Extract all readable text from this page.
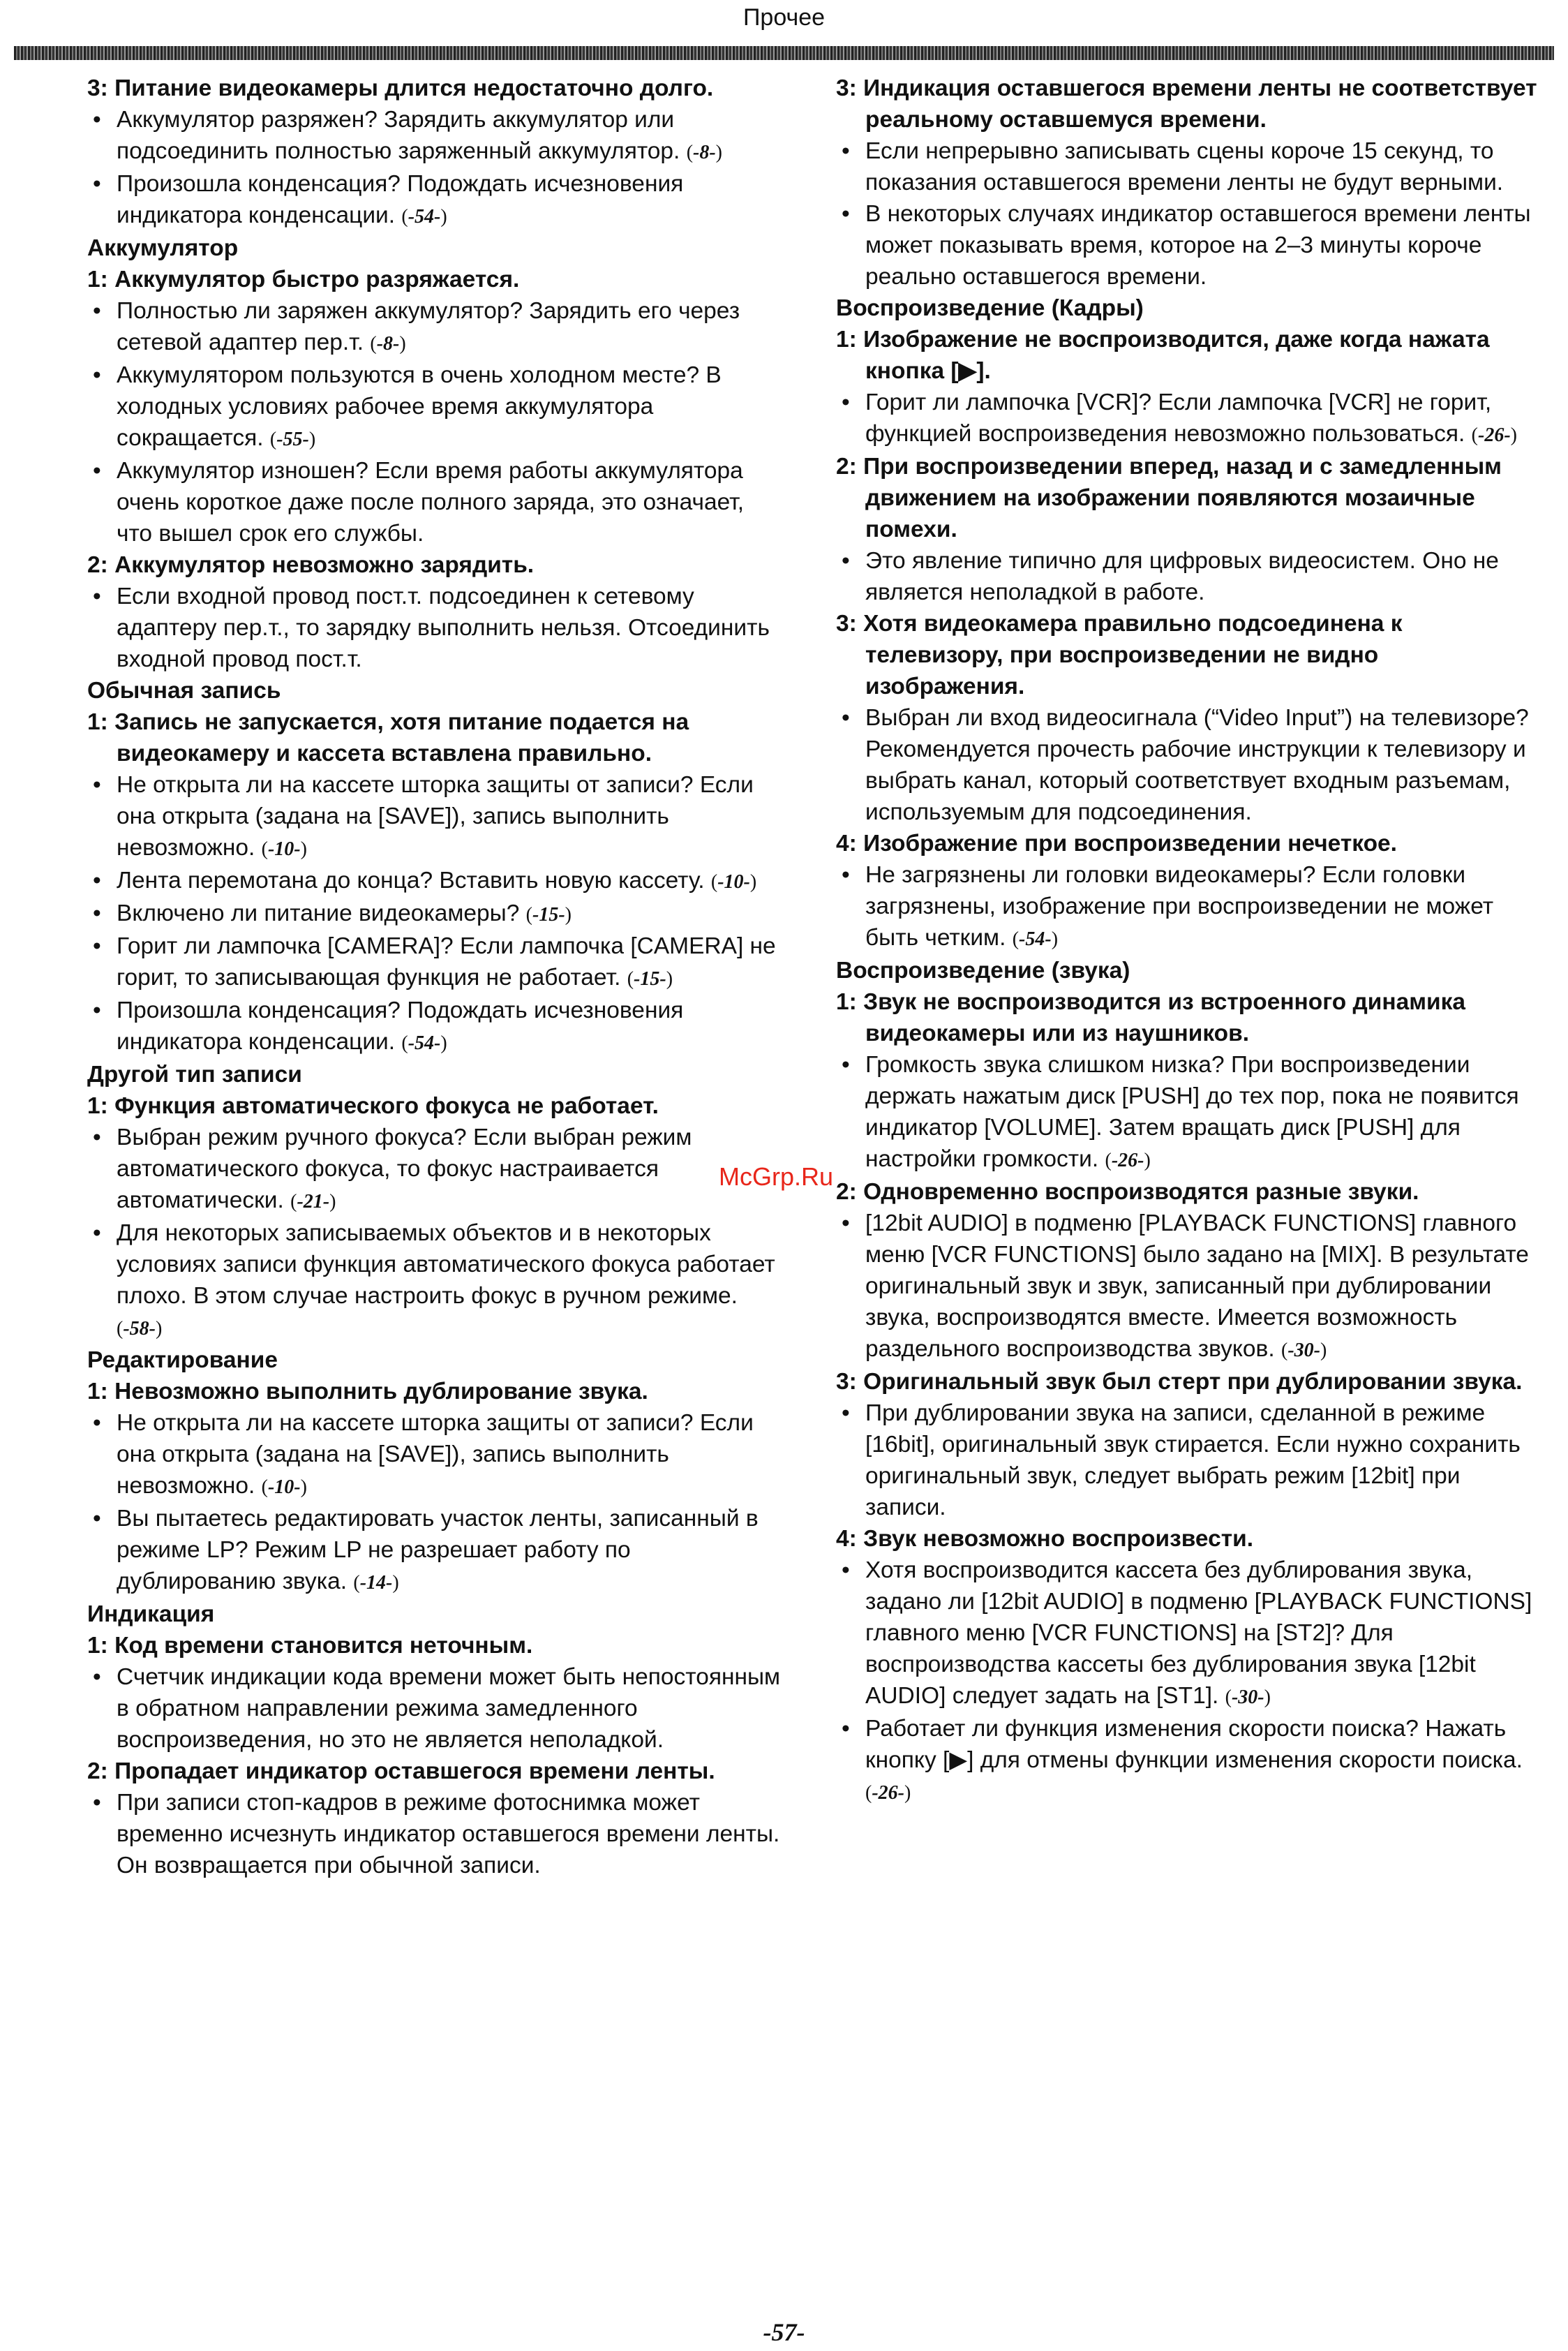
Прочее
3: Питание видеокамеры длится недостаточно долго.
• Аккумулятор разряжен? Зарядить аккумулятор или подсоединить полностью заряженный аккумулятор. (-8-)
• Произошла конденсация? Подождать исчезновения индикатора конденсации. (-54-)
Аккумулятор
1: Аккумулятор быстро разряжается.
• Полностью ли заряжен аккумулятор? Зарядить его через сетевой адаптер пер.т. (-8-)
• Аккумулятором пользуются в очень холодном месте? В холодных условиях рабочее время аккумулятора сокращается. (-55-)
• Аккумулятор изношен? Если время работы аккумулятора очень короткое даже после полного заряда, это означает, что вышел срок его службы.
2: Аккумулятор невозможно зарядить.
• Если входной провод пост.т. подсоединен к сетевому адаптеру пер.т., то зарядку выполнить нельзя. Отсоединить входной провод пост.т.
Обычная запись
1: Запись не запускается, хотя питание подается на видеокамеру и кассета вставлена правильно.
• Не открыта ли на кассете шторка защиты от записи? Если она открыта (задана на [SAVE]), запись выполнить невозможно. (-10-)
• Лента перемотана до конца? Вставить новую кассету. (-10-)
• Включено ли питание видеокамеры? (-15-)
• Горит ли лампочка [CAMERA]? Если лампочка [CAMERA] не горит, то записывающая функция не работает. (-15-)
• Произошла конденсация? Подождать исчезновения индикатора конденсации. (-54-)
Другой тип записи
1: Функция автоматического фокуса не работает.
• Выбран режим ручного фокуса? Если выбран режим автоматического фокуса, то фокус настраивается автоматически. (-21-)
• Для некоторых записываемых объектов и в некоторых условиях записи функция автоматического фокуса работает плохо. В этом случае настроить фокус в ручном режиме. (-58-)
Редактирование
1: Невозможно выполнить дублирование звука.
• Не открыта ли на кассете шторка защиты от записи? Если она открыта (задана на [SAVE]), запись выполнить невозможно. (-10-)
• Вы пытаетесь редактировать участок ленты, записанный в режиме LP? Режим LP не разрешает работу по дублированию звука. (-14-)
Индикация
1: Код времени становится неточным.
• Счетчик индикации кода времени может быть непостоянным в обратном направлении режима замедленного воспроизведения, но это не является неполадкой.
2: Пропадает индикатор оставшегося времени ленты.
• При записи стоп-кадров в режиме фотоснимка может временно исчезнуть индикатор оставшегося времени ленты. Он возвращается при обычной записи.
3: Индикация оставшегося времени ленты не соответствует реальному оставшемуся времени.
• Если непрерывно записывать сцены короче 15 секунд, то показания оставшегося времени ленты не будут верными.
• В некоторых случаях индикатор оставшегося времени ленты может показывать время, которое на 2–3 минуты короче реально оставшегося времени.
Воспроизведение (Кадры)
1: Изображение не воспроизводится, даже когда нажата кнопка [▶].
• Горит ли лампочка [VCR]? Если лампочка [VCR] не горит, функцией воспроизведения невозможно пользоваться. (-26-)
2: При воспроизведении вперед, назад и с замедленным движением на изображении появляются мозаичные помехи.
• Это явление типично для цифровых видеосистем. Оно не является неполадкой в работе.
3: Хотя видеокамера правильно подсоединена к телевизору, при воспроизведении не видно изображения.
• Выбран ли вход видеосигнала (“Video Input”) на телевизоре? Рекомендуется прочесть рабочие инструкции к телевизору и выбрать канал, который соответствует входным разъемам, используемым для подсоединения.
4: Изображение при воспроизведении нечеткое.
• Не загрязнены ли головки видеокамеры? Если головки загрязнены, изображение при воспроизведении не может быть четким. (-54-)
Воспроизведение (звука)
1: Звук не воспроизводится из встроенного динамика видеокамеры или из наушников.
• Громкость звука слишком низка? При воспроизведении держать нажатым диск [PUSH] до тех пор, пока не появится индикатор [VOLUME]. Затем вращать диск [PUSH] для настройки громкости. (-26-)
2: Одновременно воспроизводятся разные звуки.
• [12bit AUDIO] в подменю [PLAYBACK FUNCTIONS] главного меню [VCR FUNCTIONS] было задано на [MIX]. В результате оригинальный звук и звук, записанный при дублировании звука, воспроизводятся вместе. Имеется возможность раздельного воспроизводства звуков. (-30-)
3: Оригинальный звук был стерт при дублировании звука.
• При дублировании звука на записи, сделанной в режиме [16bit], оригинальный звук стирается. Если нужно сохранить оригинальный звук, следует выбрать режим [12bit] при записи.
4: Звук невозможно воспроизвести.
• Хотя воспроизводится кассета без дублирования звука, задано ли [12bit AUDIO] в подменю [PLAYBACK FUNCTIONS] главного меню [VCR FUNCTIONS] на [ST2]? Для воспроизводства кассеты без дублирования звука [12bit AUDIO] следует задать на [ST1]. (-30-)
• Работает ли функция изменения скорости поиска? Нажать кнопку [▶] для отмены функции изменения скорости поиска. (-26-)
McGrp.Ru
-57-
